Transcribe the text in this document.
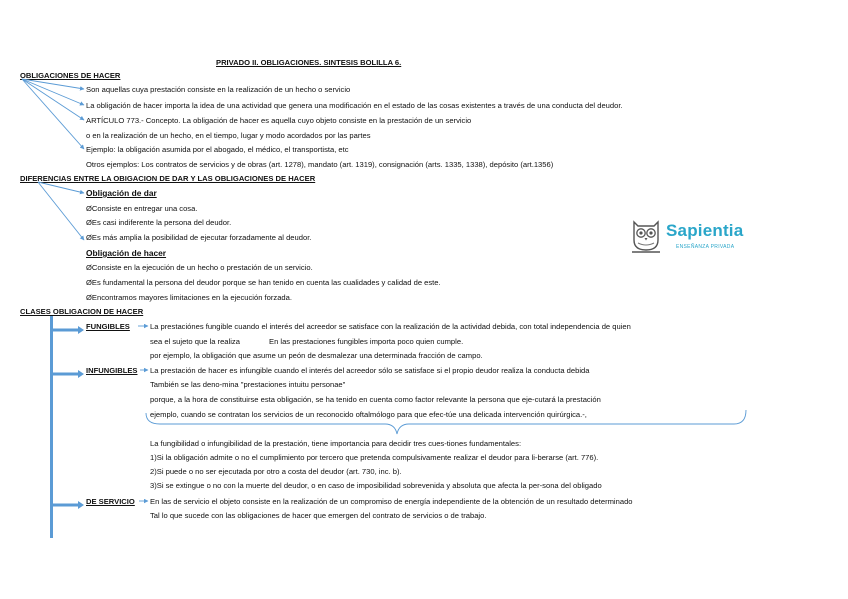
PRIVADO II. OBLIGACIONES. SINTESIS BOLILLA 6.
OBLIGACIONES DE HACER
Son aquellas cuya prestación consiste en la realización de un hecho o servicio
La obligación de hacer importa la idea de una actividad que genera una modificación en el estado de las cosas existentes a través de una conducta del deudor.
ARTÍCULO 773.- Concepto. La obligación de hacer es aquella cuyo objeto consiste en la prestación de un servicio
o en la realización de un hecho, en el tiempo, lugar y modo acordados por las partes
Ejemplo: la obligación asumida por el abogado, el médico, el transportista, etc
Otros ejemplos: Los contratos de servicios y de obras (art. 1278), mandato (art. 1319), consignación (arts. 1335, 1338), depósito (art.1356)
DIFERENCIAS ENTRE LA OBIGACION DE DAR Y LAS OBLIGACIONES DE HACER
Obligación de dar
ØConsiste en entregar una cosa.
ØEs casi indiferente la persona del deudor.
ØEs más amplia la posibilidad de ejecutar forzadamente al deudor.
Obligación de hacer
ØConsiste en la ejecución de un hecho o prestación de un servicio.
ØEs fundamental la persona del deudor porque se han tenido en cuenta las cualidades y calidad de este.
ØEncontramos mayores limitaciones en la ejecución forzada.
CLASES OBLIGACION DE HACER
FUNGIBLES	La prestaciónes fungible cuando el interés del acreedor se satisface con la realización de la actividad debida, con total independencia de quien
sea el sujeto que la realiza	En las prestaciones fungibles importa poco quien cumple.
por ejemplo, la obligación que asume un peón de desmalezar una determinada fracción de campo.
INFUNGIBLES La prestación de hacer es infungible cuando el interés del acreedor sólo se satisface si el propio deudor realiza la conducta debida
También se las deno-mina "prestaciones intuitu personae"
porque, a la hora de constituirse esta obligación, se ha tenido en cuenta como factor relevante la persona que eje-cutará la prestación
ejemplo, cuando se contratan los servicios de un reconocido oftalmólogo para que efec-túe una delicada intervención quirúrgica.-,
La fungibilidad o infungibilidad de la prestación, tiene importancia para decidir tres cues-tiones fundamentales:
1)Si la obligación admite o no el cumplimiento por tercero que pretenda compulsivamente realizar el deudor para li-berarse (art. 776).
2)Si puede o no ser ejecutada por otro a costa del deudor (art. 730, inc. b).
3)Si se extingue o no con la muerte del deudor, o en caso de imposibilidad sobrevenida y absoluta que afecta la per-sona del obligado
DE SERVICIO En las de servicio el objeto consiste en la realización de un compromiso de energía independiente de la obtención de un resultado determinado
Tal lo que sucede con las obligaciones de hacer que emergen del contrato de servicios o de trabajo.
Sapientia
ENSEÑANZA PRIVADA
